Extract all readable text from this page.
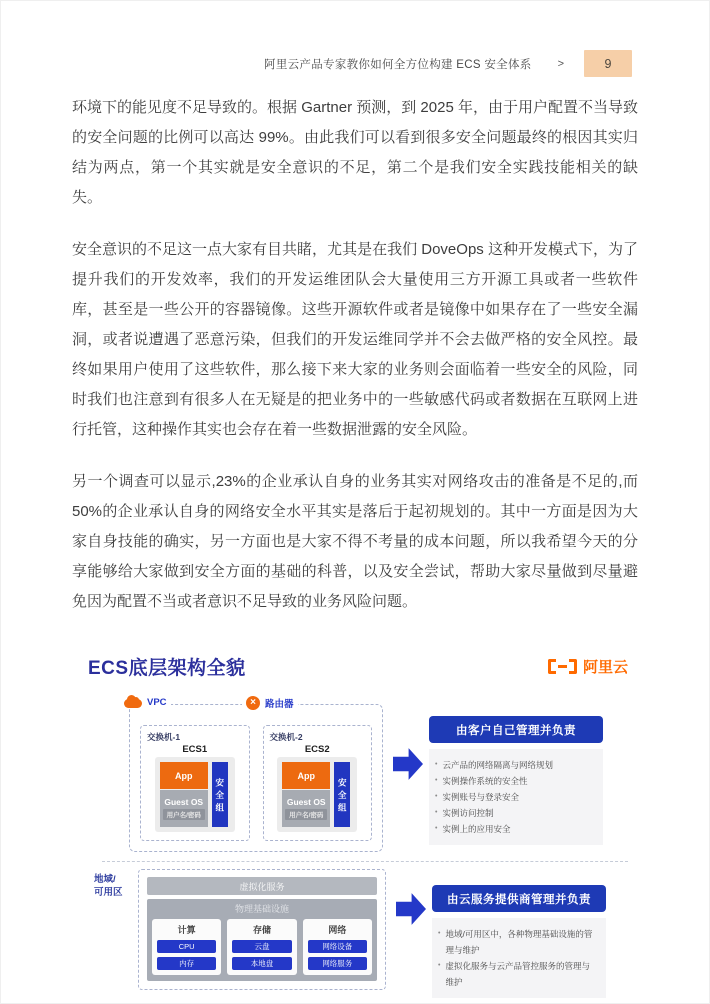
阿里云产品专家教你如何全方位构建 ECS 安全体系 >	9

环境下的能见度不足导致的。根据 Gartner 预测，到 2025 年，由于用户配置不当导致的安全问题的比例可以高达 99%。由此我们可以看到很多安全问题最终的根因其实归结为两点，第一个其实就是安全意识的不足，第二个是我们安全实践技能相关的缺失。

安全意识的不足这一点大家有目共睹，尤其是在我们 DoveOps 这种开发模式下，为了提升我们的开发效率，我们的开发运维团队会大量使用三方开源工具或者一些软件库，甚至是一些公开的容器镜像。这些开源软件或者是镜像中如果存在了一些安全漏洞，或者说遭遇了恶意污染，但我们的开发运维同学并不会去做严格的安全风控。最终如果用户使用了这些软件，那么接下来大家的业务则会面临着一些安全的风险，同时我们也注意到有很多人在无疑是的把业务中的一些敏感代码或者数据在互联网上进行托管，这种操作其实也会存在着一些数据泄露的安全风险。

另一个调查可以显示,23%的企业承认自身的业务其实对网络攻击的准备是不足的,而 50%的企业承认自身的网络安全水平其实是落后于起初规划的。其中一方面是因为大家自身技能的确实，另一方面也是大家不得不考量的成本问题，所以我希望今天的分享能够给大家做到安全方面的基础的科普，以及安全尝试，帮助大家尽量做到尽量避免因为配置不当或者意识不足导致的业务风险问题。

ECS底层架构全貌	阿里云
VPC	× 路由器
交换机-1
ECS1
App
Guest OS
用户名/密码
安全组
交换机-2
ECS2
App
Guest OS
用户名/密码
安全组
由客户自己管理并负责
• 云产品的网络隔离与网络规划
• 实例操作系统的安全性
• 实例账号与登录安全
• 实例访问控制
• 实例上的应用安全
地域/
可用区
虚拟化服务
物理基础设施
计算
CPU
内存
存储
云盘
本地盘
网络
网络设备
网络服务
由云服务提供商管理并负责
• 地域/可用区中，各种物理基础设施的管理与维护
• 虚拟化服务与云产品管控服务的管理与维护
